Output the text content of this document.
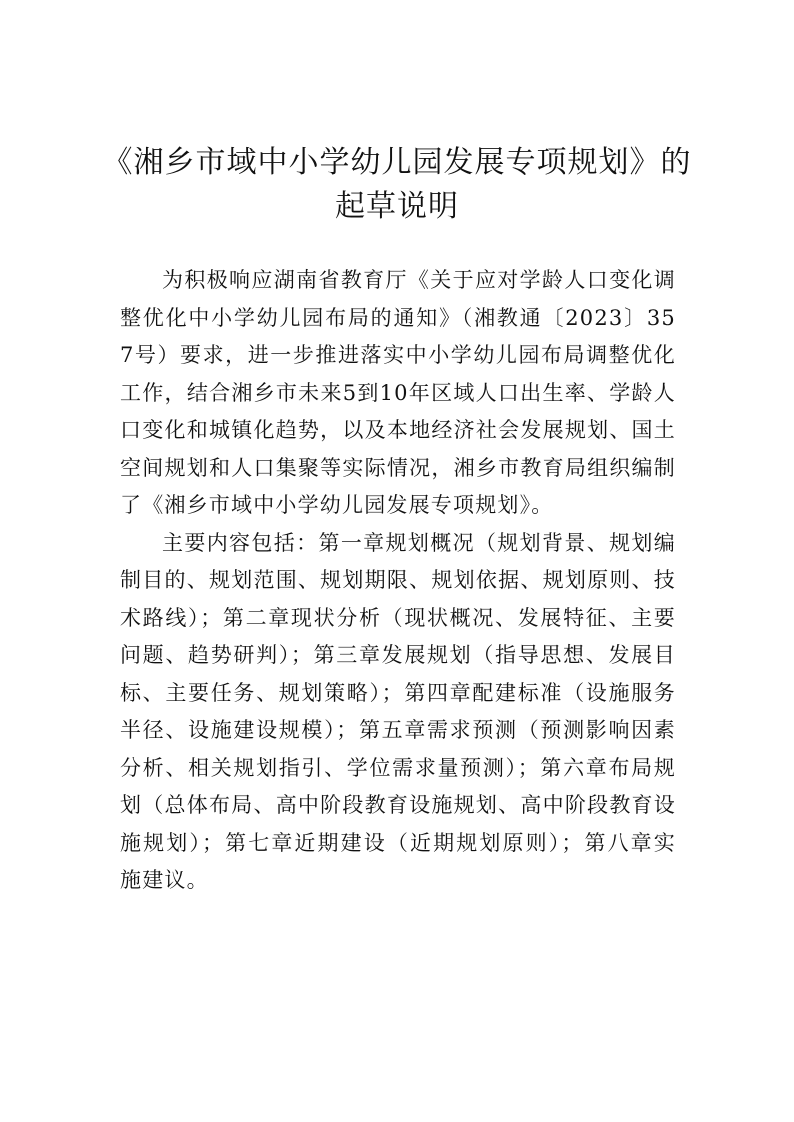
《湘乡市域中小学幼儿园发展专项规划》的
起草说明

为积极响应湖南省教育厅《关于应对学龄人口变化调整优化中小学幼儿园布局的通知》（湘教通〔2023〕357号）要求，进一步推进落实中小学幼儿园布局调整优化工作，结合湘乡市未来5到10年区域人口出生率、学龄人口变化和城镇化趋势，以及本地经济社会发展规划、国土空间规划和人口集聚等实际情况，湘乡市教育局组织编制了《湘乡市域中小学幼儿园发展专项规划》。

主要内容包括：第一章规划概况（规划背景、规划编制目的、规划范围、规划期限、规划依据、规划原则、技术路线）；第二章现状分析（现状概况、发展特征、主要问题、趋势研判）；第三章发展规划（指导思想、发展目标、主要任务、规划策略）；第四章配建标准（设施服务半径、设施建设规模）；第五章需求预测（预测影响因素分析、相关规划指引、学位需求量预测）；第六章布局规划（总体布局、高中阶段教育设施规划、高中阶段教育设施规划）；第七章近期建设（近期规划原则）；第八章实施建议。
